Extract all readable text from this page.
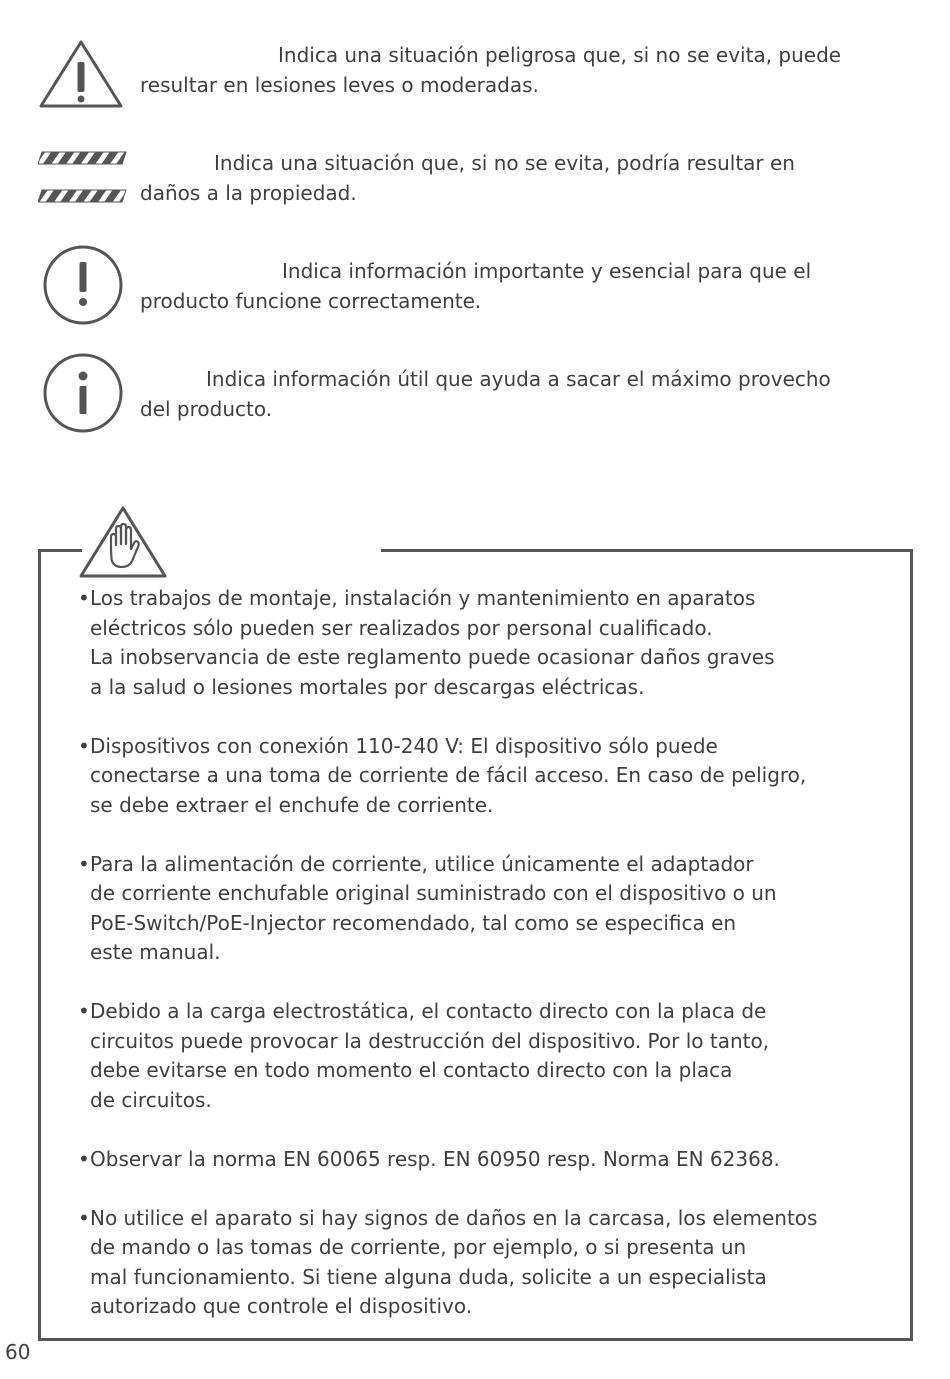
Indica una situación peligrosa que, si no se evita, puede
resultar en lesiones leves o moderadas.

Indica una situación que, si no se evita, podría resultar en
daños a la propiedad.

Indica información importante y esencial para que el
producto funcione correctamente.

Indica información útil que ayuda a sacar el máximo provecho
del producto.

• Los trabajos de montaje, instalación y mantenimiento en aparatos
eléctricos sólo pueden ser realizados por personal cualificado.
La inobservancia de este reglamento puede ocasionar daños graves
a la salud o lesiones mortales por descargas eléctricas.
• Dispositivos con conexión 110-240 V: El dispositivo sólo puede
conectarse a una toma de corriente de fácil acceso. En caso de peligro,
se debe extraer el enchufe de corriente.
• Para la alimentación de corriente, utilice únicamente el adaptador
de corriente enchufable original suministrado con el dispositivo o un
PoE-Switch/PoE-Injector recomendado, tal como se especifica en
este manual.
• Debido a la carga electrostática, el contacto directo con la placa de
circuitos puede provocar la destrucción del dispositivo. Por lo tanto,
debe evitarse en todo momento el contacto directo con la placa
de circuitos.
• Observar la norma EN 60065 resp. EN 60950 resp. Norma EN 62368.
• No utilice el aparato si hay signos de daños en la carcasa, los elementos
de mando o las tomas de corriente, por ejemplo, o si presenta un
mal funcionamiento. Si tiene alguna duda, solicite a un especialista
autorizado que controle el dispositivo.
60
